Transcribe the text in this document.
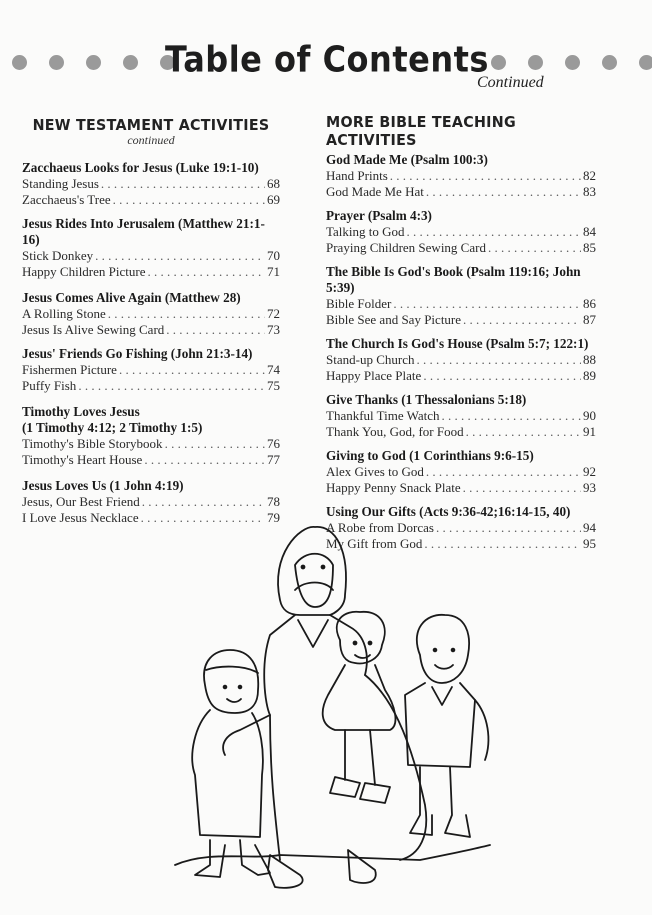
Table of Contents
Continued
NEW TESTAMENT ACTIVITIES
continued
Zacchaeus Looks for Jesus (Luke 19:1-10)
Standing Jesus . . .	68
Zacchaeus's Tree . . .	69
Jesus Rides Into Jerusalem (Matthew 21:1-16)
Stick Donkey . . .	70
Happy Children Picture . . .	71
Jesus Comes Alive Again (Matthew 28)
A Rolling Stone . . .	72
Jesus Is Alive Sewing Card . . .	73
Jesus' Friends Go Fishing (John 21:3-14)
Fishermen Picture . . .	74
Puffy Fish . . .	75
Timothy Loves Jesus
(1 Timothy 4:12; 2 Timothy 1:5)
Timothy's Bible Storybook . . .	76
Timothy's Heart House . . .	77
Jesus Loves Us (1 John 4:19)
Jesus, Our Best Friend . . .	78
I Love Jesus Necklace . . .	79
MORE BIBLE TEACHING ACTIVITIES
God Made Me (Psalm 100:3)
Hand Prints . . .	82
God Made Me Hat . . .	83
Prayer (Psalm 4:3)
Talking to God . . .	84
Praying Children Sewing Card . . .	85
The Bible Is God's Book (Psalm 119:16; John 5:39)
Bible Folder . . .	86
Bible See and Say Picture . . .	87
The Church Is God's House (Psalm 5:7; 122:1)
Stand-up Church . . .	88
Happy Place Plate . . .	89
Give Thanks (1 Thessalonians 5:18)
Thankful Time Watch . . .	90
Thank You, God, for Food . . .	91
Giving to God (1 Corinthians 9:6-15)
Alex Gives to God . . .	92
Happy Penny Snack Plate . . .	93
Using Our Gifts (Acts 9:36-42;16:14-15, 40)
A Robe from Dorcas . . .	94
My Gift from God . . .	95
